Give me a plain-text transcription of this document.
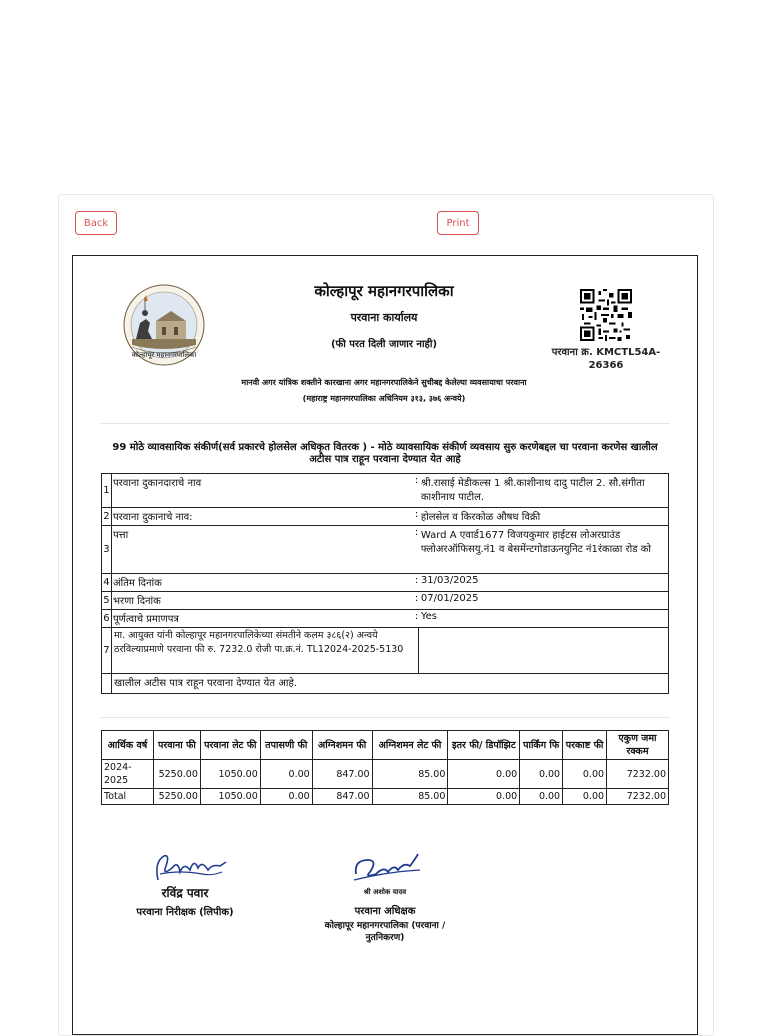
Back	Print
कोल्हापूर महानगरपालिका
कोल्हापूर महानगरपालिका
परवाना कार्यालय
(फी परत दिली जाणार नाही)
परवाना क्र. KMCTL54A-26366
मानवी अगर यांत्रिक शक्तीने कारखाना अगर महानगरपालिकेने सुचीबद्द केलेल्या व्यवसायाचा परवाना
(महाराष्ट्र महानगरपालिका अधिनियम ३१३, ३७६ अन्वये)
99 मोठे व्यावसायिक संकीर्ण(सर्व प्रकारचे होलसेल अधिकृत वितरक ) - मोठे व्यावसायिक संकीर्ण व्यवसाय सुरु करणेबद्दल चा परवाना करणेस खालील अटीस पात्र राहून परवाना देण्यात येत आहे
1	परवाना दुकानदाराचे नाव	:	श्री.रासाई मेडीकल्स 1 श्री.काशीनाथ दादु पाटील 2. सौ.संगीता काशीनाथ पाटील.
2	परवाना दुकानाचे नाव:	:	होलसेल व किरकोळ औषध विक्री
3	पत्ता	:	Ward A एवार्ड1677 विजयकुमार हाईटस लोअरग्राउंड फ्लोअरऑफिसयु.नं1 व बेसमेंन्टगोडाऊनयुनिट नं1रंकाळा रोड को
4	अंतिम दिनांक	:	31/03/2025
5	भरणा दिनांक	:	07/01/2025
6	पूर्णत्वाचे प्रमाणपत्र	:	Yes
7	मा. आयुक्त यांनी कोल्हापूर महानगरपालिकेच्या संमतीने कलम ३८६(२) अन्वये ठरविल्याप्रमाणे परवाना फी रु. 7232.0 रोजी पा.क्र.नं. TL12024-2025-5130		
	खालील अटीस पात्र राहून परवाना देण्यात येत आहे.		
आर्थिक वर्ष	परवाना फी	परवाना लेट फी	तपासणी फी	अग्निशमन फी	अग्निशमन लेट फी	इतर फी/ डिपॉझिट	पार्किंग फि	परकाष्ट फी	एकुण जमा रक्कम
2024-2025	5250.00	1050.00	0.00	847.00	85.00	0.00	0.00	0.00	7232.00
Total	5250.00	1050.00	0.00	847.00	85.00	0.00	0.00	0.00	7232.00
रविंद्र पवार
परवाना निरीक्षक (लिपीक)
श्री अशोक यादव
परवाना अधिक्षक
कोल्हापूर महानगरपालिका (परवाना / नुतनिकरण)
